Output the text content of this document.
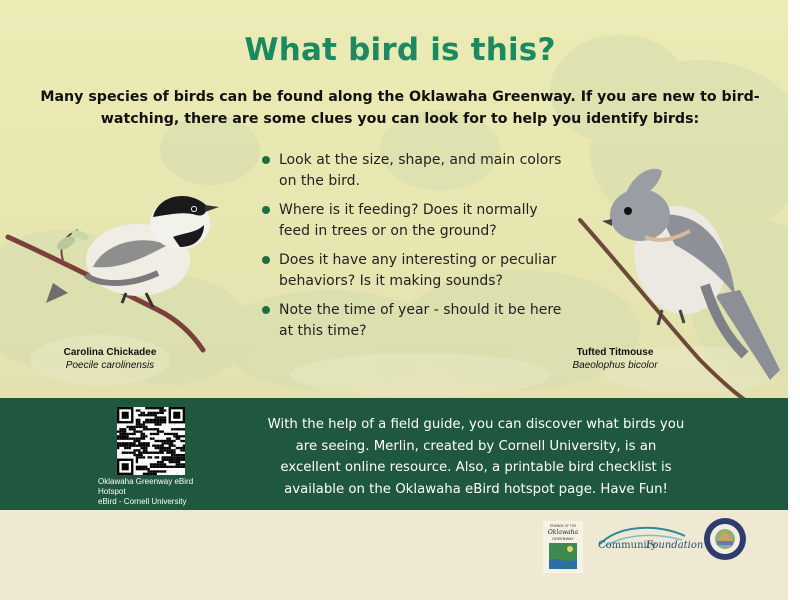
What bird is this?
Many species of birds can be found along the Oklawaha Greenway. If you are new to bird-watching, there are some clues you can look for to help you identify birds:
Look at the size, shape, and main colors on the bird.
Where is it feeding? Does it normally feed in trees or on the ground?
Does it have any interesting or peculiar behaviors? Is it making sounds?
Note the time of year - should it be here at this time?
Carolina Chickadee
Poecile carolinensis
Tufted Titmouse
Baeolophus bicolor
Oklawaha Greenway eBird Hotspot
eBird - Cornell University
With the help of a field guide, you can discover what birds you are seeing. Merlin, created by Cornell University, is an excellent online resource. Also, a printable bird checklist is available on the Oklawaha eBird hotspot page. Have Fun!
FRIENDS OF THE
Oklawaha
GREENWAY
Community
Foundation
